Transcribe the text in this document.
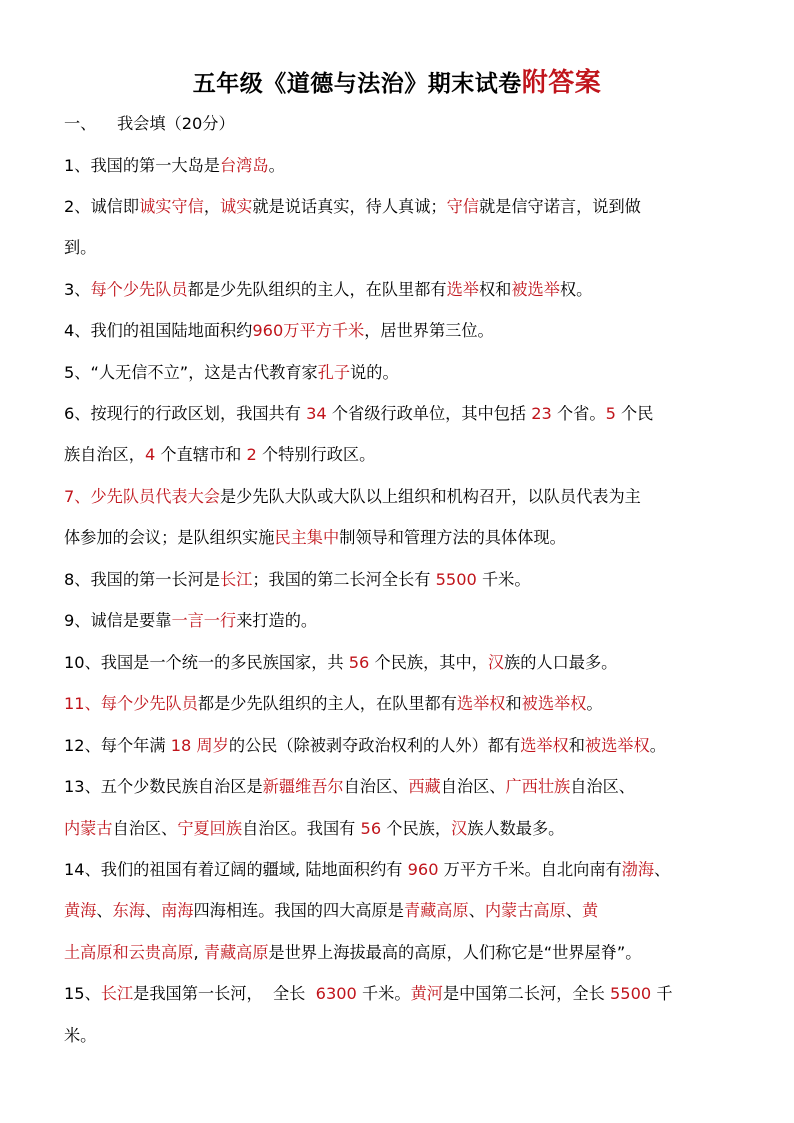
五年级《道德与法治》期末试卷附答案
一、    我会填（20分）
1、我国的第一大岛是台湾岛。
2、诚信即诚实守信，诚实就是说话真实，待人真诚；守信就是信守诺言，说到做
到。
3、每个少先队员都是少先队组织的主人，在队里都有选举权和被选举权。
4、我们的祖国陆地面积约960万平方千米，居世界第三位。
5、“人无信不立”，这是古代教育家孔子说的。
6、按现行的行政区划，我国共有 34 个省级行政单位，其中包括 23 个省。5 个民
族自治区，4 个直辖市和 2 个特别行政区。
7、少先队员代表大会是少先队大队或大队以上组织和机构召开，以队员代表为主
体参加的会议；是队组织实施民主集中制领导和管理方法的具体体现。
8、我国的第一长河是长江；我国的第二长河全长有 5500 千米。
9、诚信是要靠一言一行来打造的。
10、我国是一个统一的多民族国家，共 56 个民族，其中，汉族的人口最多。
11、每个少先队员都是少先队组织的主人，在队里都有选举权和被选举权。
12、每个年满 18 周岁的公民（除被剥夺政治权利的人外）都有选举权和被选举权。
13、五个少数民族自治区是新疆维吾尔自治区、西藏自治区、广西壮族自治区、
内蒙古自治区、宁夏回族自治区。我国有 56 个民族，汉族人数最多。
14、我们的祖国有着辽阔的疆域, 陆地面积约有 960 万平方千米。自北向南有渤海、
黄海、东海、南海四海相连。我国的四大高原是青藏高原、内蒙古高原、黄
土高原和云贵高原, 青藏高原是世界上海拔最高的高原，人们称它是“世界屋脊”。
15、长江是我国第一长河，  全长  6300 千米。黄河是中国第二长河，全长 5500 千
米。
